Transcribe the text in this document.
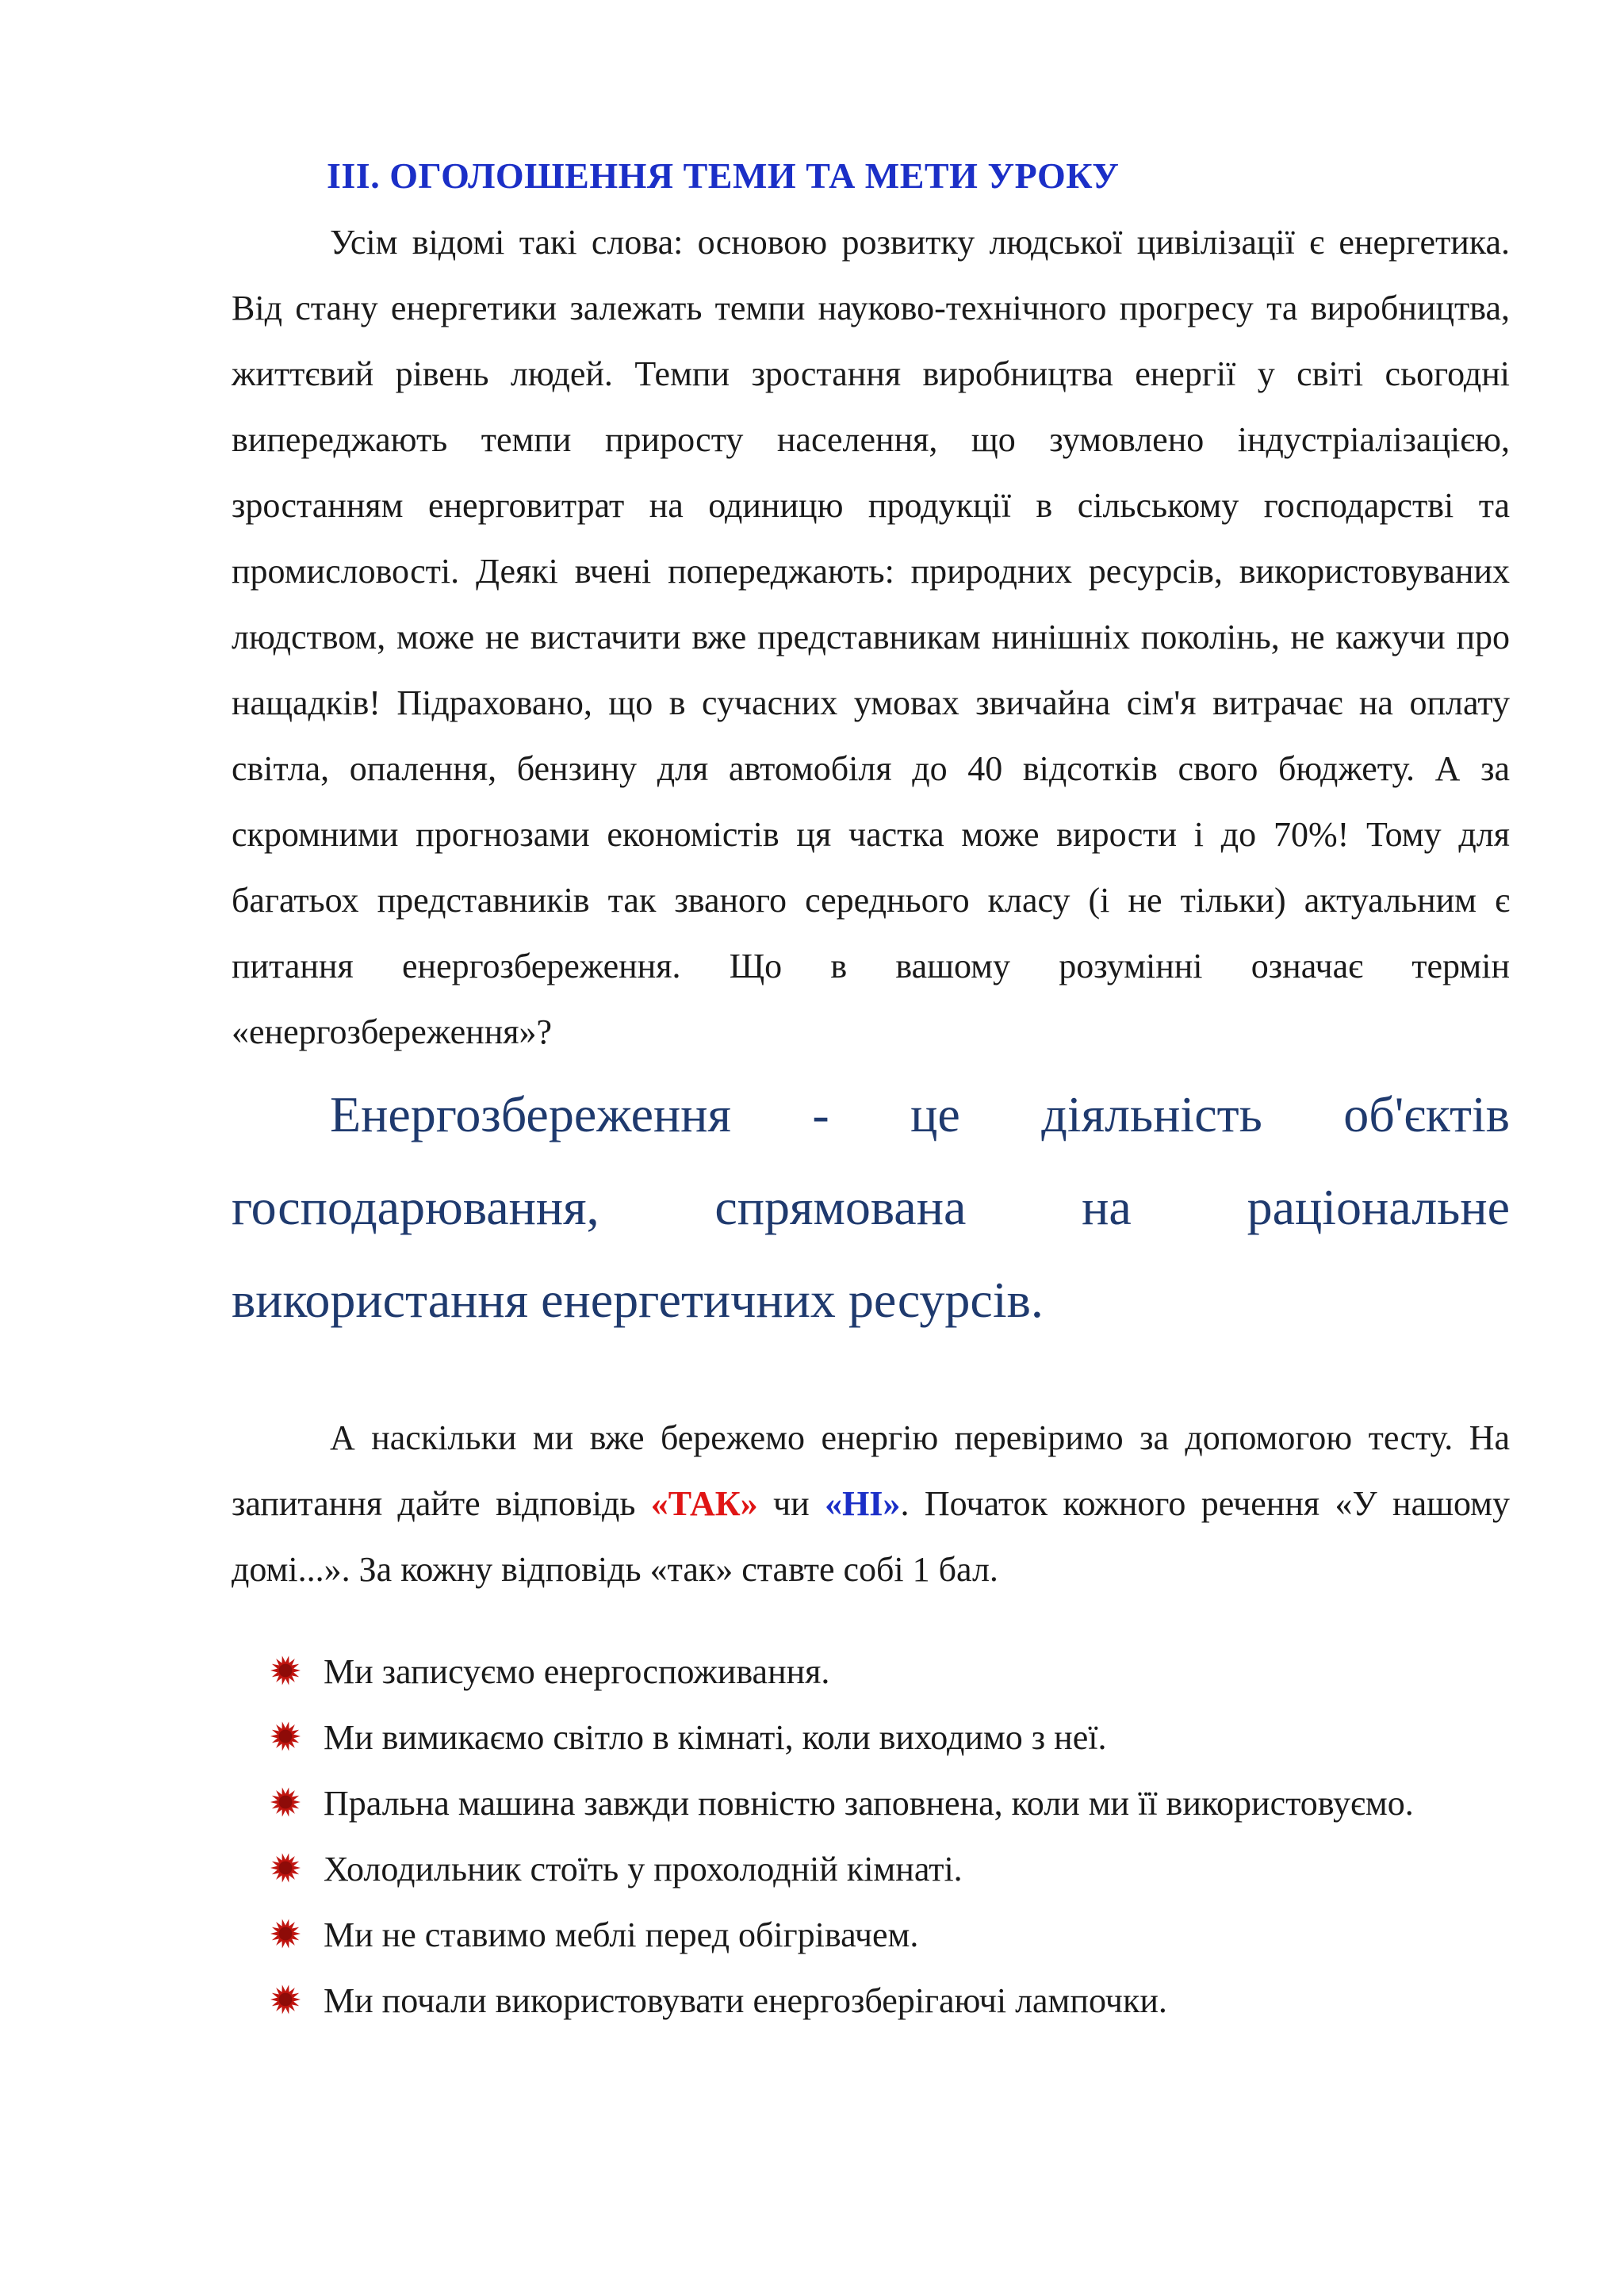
ІІІ. ОГОЛОШЕННЯ ТЕМИ ТА МЕТИ УРОКУ

Усім відомі такі слова: основою розвитку людської цивілізації є енергетика. Від стану енергетики залежать темпи науково-технічного прогресу та виробництва, життєвий рівень людей. Темпи зростання виробництва енергії у світі сьогодні випереджають темпи приросту населення, що зумовлено індустріалізацією, зростанням енерговитрат на одиницю продукції в сільському господарстві та промисловості. Деякі вчені попереджають: природних ресурсів, використовуваних людством, може не вистачити вже представникам нинішніх поколінь, не кажучи про нащадків! Підраховано, що в сучасних умовах звичайна сім'я витрачає на оплату світла, опалення, бензину для автомобіля до 40 відсотків свого бюджету. А за скромними прогнозами економістів ця частка може вирости і до 70%! Тому для багатьох представників так званого середнього класу (і не тільки) актуальним є питання енергозбереження. Що в вашому розумінні означає термін «енергозбереження»?

Енергозбереження - це діяльність об'єктів господарювання, спрямована на раціональне використання енергетичних ресурсів.

А наскільки ми вже бережемо енергію перевіримо за допомогою тесту. На запитання дайте відповідь «ТАК» чи «НІ». Початок кожного речення «У нашому домі...». За кожну відповідь «так» ставте собі 1 бал.

Ми записуємо енергоспоживання.
Ми вимикаємо світло в кімнаті, коли виходимо з неї.
Пральна машина завжди повністю заповнена, коли ми її використовуємо.
Холодильник стоїть у прохолодній кімнаті.
Ми не ставимо меблі перед обігрівачем.
Ми почали використовувати енергозберігаючі лампочки.
